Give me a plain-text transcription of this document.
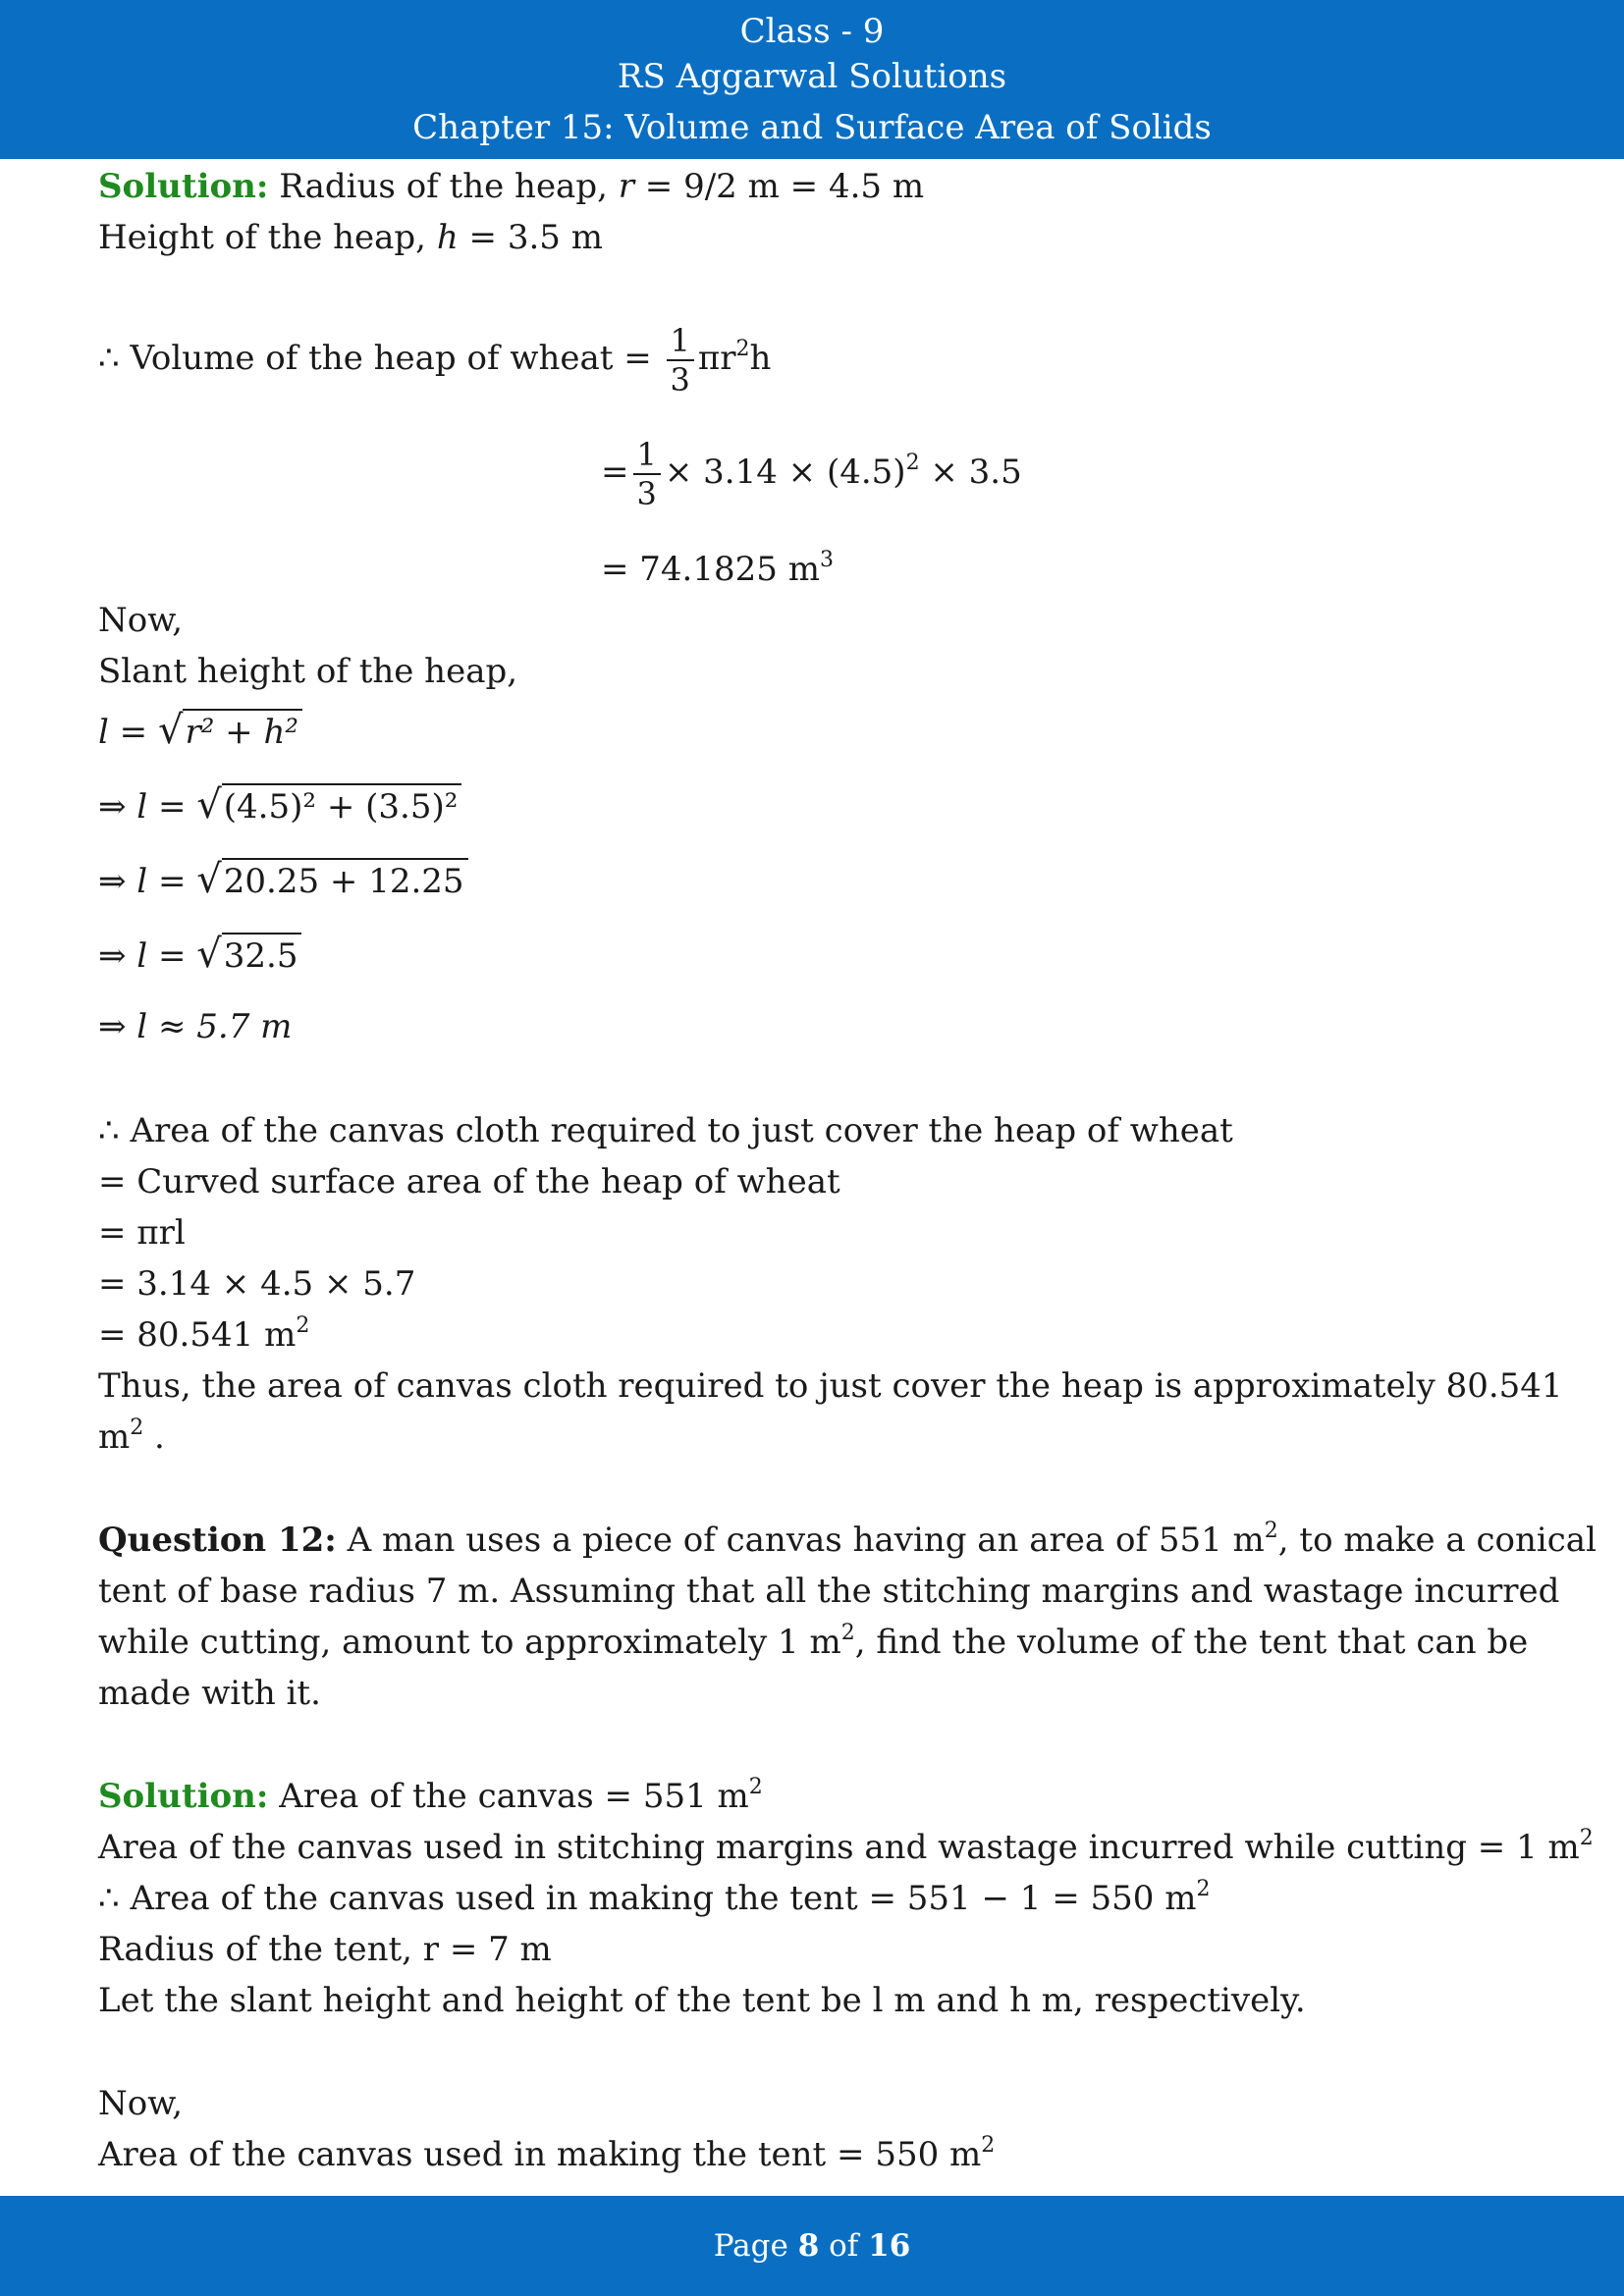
Class - 9
RS Aggarwal Solutions
Chapter 15: Volume and Surface Area of Solids
Solution: Radius of the heap, r = 9/2 m = 4.5 m
Height of the heap, h = 3.5 m
∴ Volume of the heap of wheat = $\frac{1}{3} \pi r^2h$
= $\frac{1}{3} \times 3.14 \times (4.5)^2 \times 3.5$
= 74.1825 $m^3$
Now,
Slant height of the heap,
l = √r² + h²
⇒ l = √(4.5)² + (3.5)²
⇒ l = √20.25 + 12.25
⇒ l = √32.5
⇒ l ≈ 5.7 m
∴ Area of the canvas cloth required to just cover the heap of wheat
= Curved surface area of the heap of wheat
= πrl
= 3.14 × 4.5 × 5.7
= 80.541 $m^2$
Thus, the area of canvas cloth required to just cover the heap is approximately 80.541
$m^2$ .
Question 12: A man uses a piece of canvas having an area of 551 $m^2$, to make a conical
tent of base radius 7 m. Assuming that all the stitching margins and wastage incurred
while cutting, amount to approximately 1 $m^2$, find the volume of the tent that can be
made with it.
Solution: Area of the canvas = 551 $m^2$
Area of the canvas used in stitching margins and wastage incurred while cutting = 1 $m^2$
∴ Area of the canvas used in making the tent = 551 − 1 = 550 $m^2$
Radius of the tent, r = 7 m
Let the slant height and height of the tent be l m and h m, respectively.
Now,
Area of the canvas used in making the tent = 550 $m^2$
Page 8 of 16
